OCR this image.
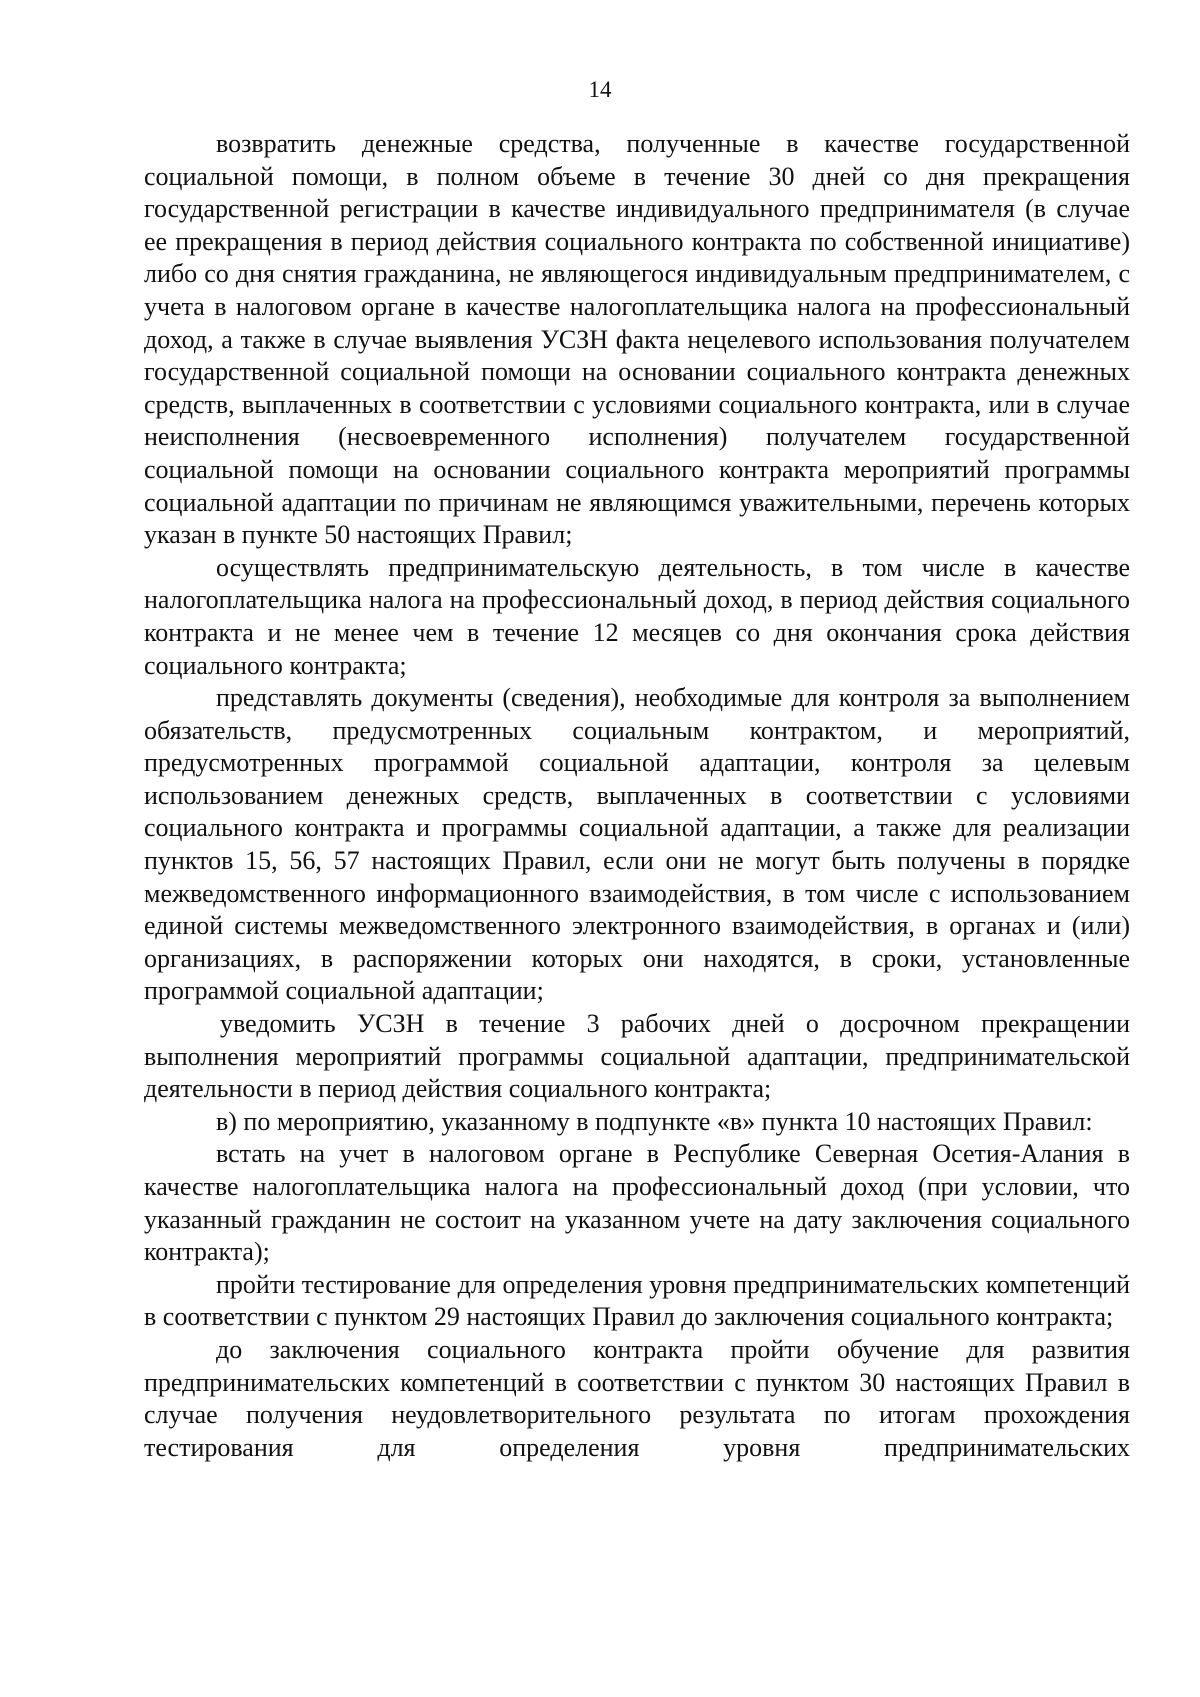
14

возвратить денежные средства, полученные в качестве государственной социальной помощи, в полном объеме в течение 30 дней со дня прекращения государственной регистрации в качестве индивидуального предпринимателя (в случае ее прекращения в период действия социального контракта по собственной инициативе) либо со дня снятия гражданина, не являющегося индивидуальным предпринимателем, с учета в налоговом органе в качестве налогоплательщика налога на профессиональный доход, а также в случае выявления УСЗН факта нецелевого использования получателем государственной социальной помощи на основании социального контракта денежных средств, выплаченных в соответствии с условиями социального контракта, или в случае неисполнения (несвоевременного исполнения) получателем государственной социальной помощи на основании социального контракта мероприятий программы социальной адаптации по причинам не являющимся уважительными, перечень которых указан в пункте 50 настоящих Правил;

осуществлять предпринимательскую деятельность, в том числе в качестве налогоплательщика налога на профессиональный доход, в период действия социального контракта и не менее чем в течение 12 месяцев со дня окончания срока действия социального контракта;

представлять документы (сведения), необходимые для контроля за выполнением обязательств, предусмотренных социальным контрактом, и мероприятий, предусмотренных программой социальной адаптации, контроля за целевым использованием денежных средств, выплаченных в соответствии с условиями социального контракта и программы социальной адаптации, а также для реализации пунктов 15, 56, 57 настоящих Правил, если они не могут быть получены в порядке межведомственного информационного взаимодействия, в том числе с использованием единой системы межведомственного электронного взаимодействия, в органах и (или) организациях, в распоряжении которых они находятся, в сроки, установленные программой социальной адаптации;

уведомить УСЗН в течение 3 рабочих дней о досрочном прекращении выполнения мероприятий программы социальной адаптации, предпринимательской деятельности в период действия социального контракта;

в) по мероприятию, указанному в подпункте «в» пункта 10 настоящих Правил:

встать на учет в налоговом органе в Республике Северная Осетия-Алания в качестве налогоплательщика налога на профессиональный доход (при условии, что указанный гражданин не состоит на указанном учете на дату заключения социального контракта);

пройти тестирование для определения уровня предпринимательских компетенций в соответствии с пунктом 29 настоящих Правил до заключения социального контракта;

до заключения социального контракта пройти обучение для развития предпринимательских компетенций в соответствии с пунктом 30 настоящих Правил в случае получения неудовлетворительного результата по итогам прохождения тестирования для определения уровня предпринимательских
